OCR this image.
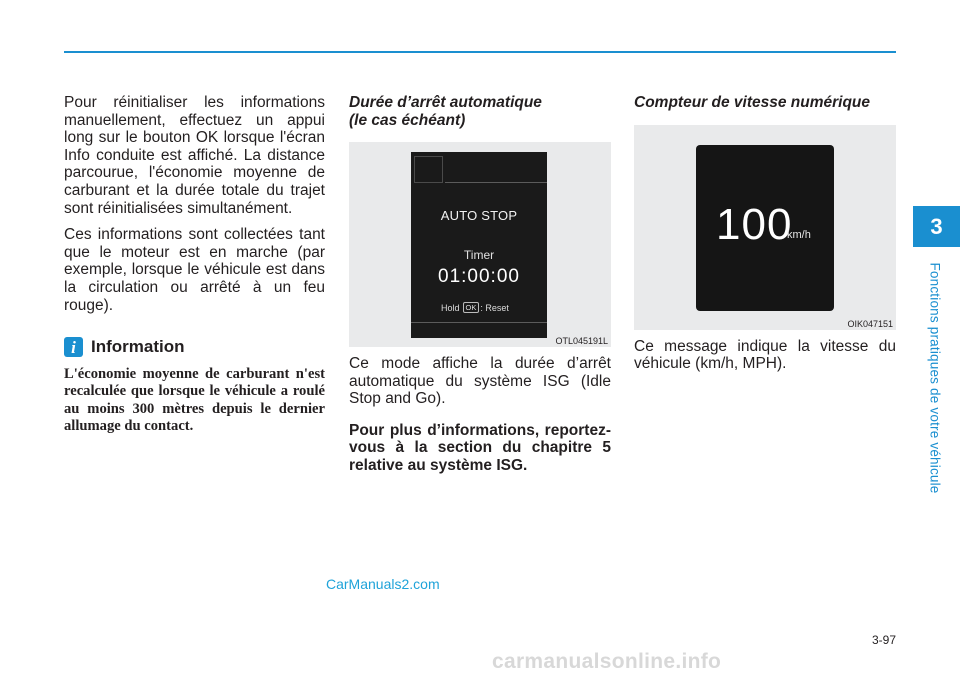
Pour réinitialiser les informations manuellement, effectuez un appui long sur le bouton OK lorsque l'écran Info conduite est affiché. La distance parcourue, l'économie moyenne de carburant et la durée totale du trajet sont réinitialisées simultanément.

Ces informations sont collectées tant que le moteur est en marche (par exemple, lorsque le véhicule est dans la circulation ou arrêté à un feu rouge).

i Information

L'économie moyenne de carburant n'est recalculée que lorsque le véhicule a roulé au moins 300 mètres depuis le dernier allumage du contact.

Durée d’arrêt automatique
(le cas échéant)

AUTO STOP
Timer
01:00:00
Hold OK : Reset
OTL045191L

Ce mode affiche la durée d’arrêt automatique du système ISG (Idle Stop and Go).

Pour plus d’informations, reportez-vous à la section du chapitre 5 relative au système ISG.

Compteur de vitesse numérique

100
km/h
OIK047151

Ce message indique la vitesse du véhicule (km/h, MPH).

3
Fonctions pratiques de votre véhicule
3-97
CarManuals2.com
carmanualsonline.info
